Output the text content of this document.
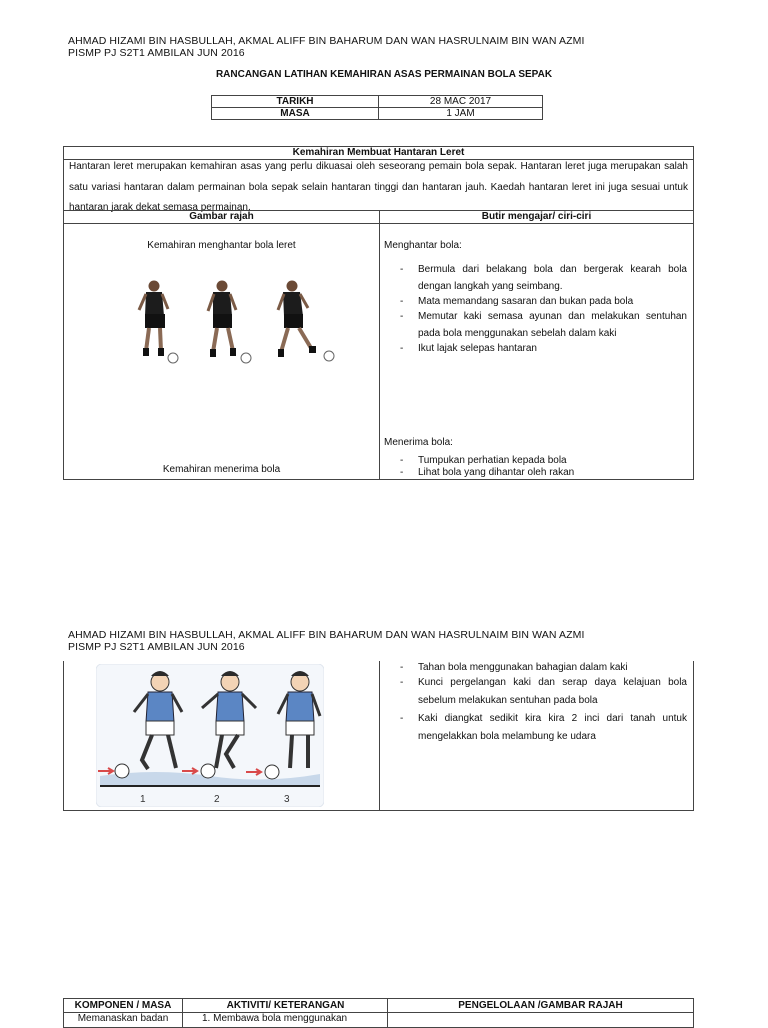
AHMAD HIZAMI BIN HASBULLAH, AKMAL ALIFF BIN BAHARUM DAN WAN HASRULNAIM BIN WAN AZMI
PISMP PJ S2T1 AMBILAN JUN 2016
RANCANGAN LATIHAN KEMAHIRAN ASAS PERMAINAN BOLA SEPAK
TARIKH	28 MAC 2017
MASA	1 JAM
Kemahiran Membuat Hantaran Leret
Hantaran leret merupakan kemahiran asas yang perlu dikuasai oleh seseorang pemain bola sepak. Hantaran leret juga merupakan salah satu variasi hantaran dalam permainan bola sepak selain hantaran tinggi dan hantaran jauh. Kaedah hantaran leret ini juga sesuai untuk hantaran jarak dekat semasa permainan.
Gambar rajah	Butir mengajar/ ciri-ciri
Kemahiran menghantar bola leret
Kemahiran menerima bola
Menghantar bola:
- Bermula dari belakang bola dan bergerak kearah bola dengan langkah yang seimbang.
- Mata memandang sasaran dan bukan pada bola
- Memutar kaki semasa ayunan dan melakukan sentuhan pada bola menggunakan sebelah dalam kaki
- Ikut lajak selepas hantaran
Menerima bola:
- Tumpukan perhatian kepada bola
- Lihat bola yang dihantar oleh rakan
AHMAD HIZAMI BIN HASBULLAH, AKMAL ALIFF BIN BAHARUM DAN WAN HASRULNAIM BIN WAN AZMI
PISMP PJ S2T1 AMBILAN JUN 2016
1	2	3
- Tahan bola menggunakan bahagian dalam kaki
- Kunci pergelangan kaki dan serap daya kelajuan bola sebelum melakukan sentuhan pada bola
- Kaki diangkat sedikit kira kira 2 inci dari tanah untuk mengelakkan bola melambung ke udara
KOMPONEN / MASA	AKTIVITI/ KETERANGAN	PENGELOLAAN /GAMBAR RAJAH
Memanaskan badan	1. Membawa bola menggunakan
